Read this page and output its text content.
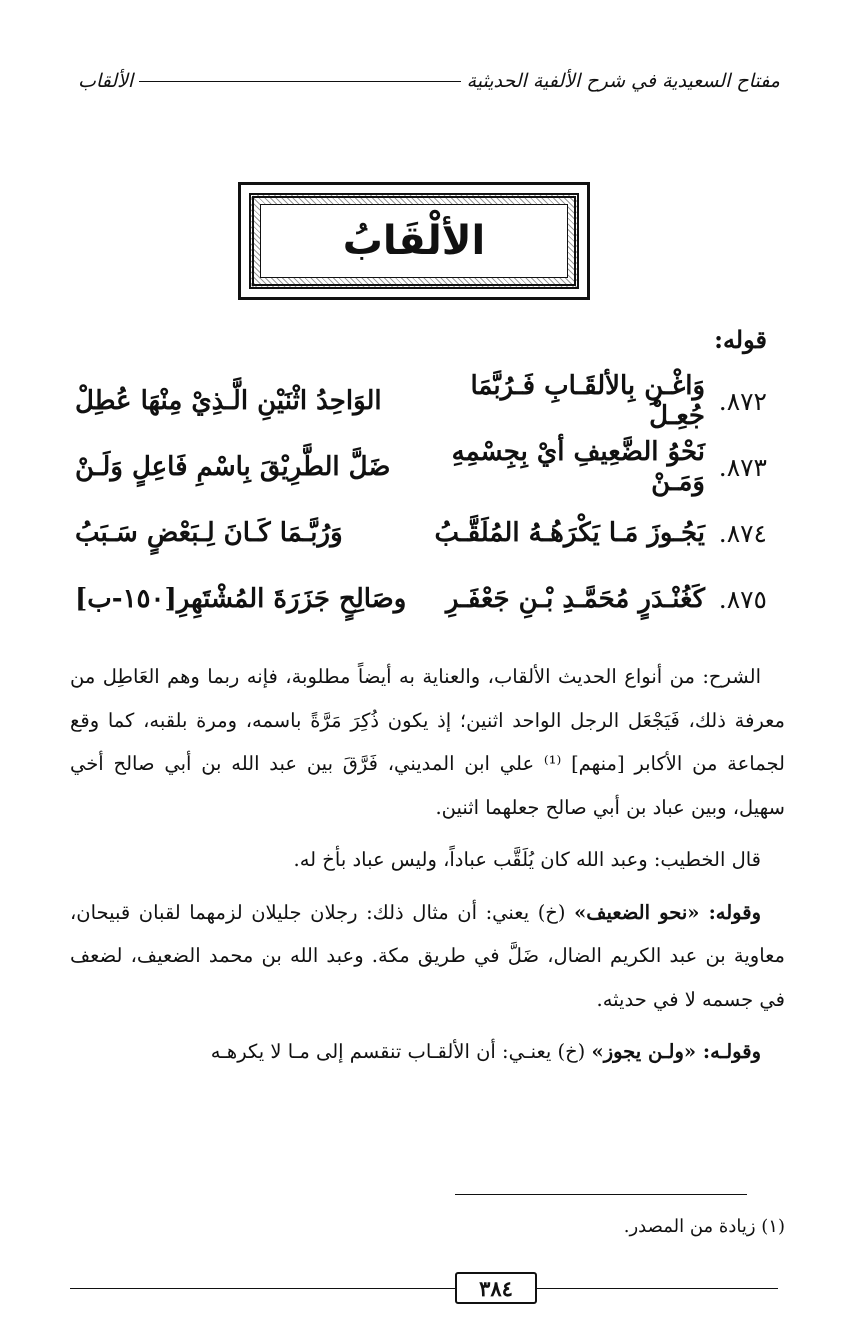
مفتاح السعيدية في شرح الألفية الحديثية
الألقاب
الألْقَابُ
قوله:
٨٧٢.
وَاغْـنِ بِالألقَـابِ فَـرُبَّمَا جُعِـلْ
الوَاحِدُ اثْنَيْنِ الَّـذِيْ مِنْهَا عُطِلْ
٨٧٣.
نَحْوُ الضَّعِيفِ أيْ بِجِسْمِهِ وَمَـنْ
ضَلَّ الطَّرِيْقَ بِاسْمِ فَاعِلٍ وَلَـنْ
٨٧٤.
يَجُـوزَ مَـا يَكْرَهُـهُ المُلَقَّـبُ
وَرُبَّـمَا كَـانَ لِـبَعْضٍ سَـبَبُ
٨٧٥.
كَغُنْـدَرٍ مُحَمَّـدِ بْـنِ جَعْفَـرِ
وصَالِحٍ جَزَرَةَ المُشْتَهِرِ[١٥٠-ب]

الشرح: من أنواع الحديث الألقاب، والعناية به أيضاً مطلوبة، فإنه ربما وهم العَاطِل من معرفة ذلك، فَيَجْعَل الرجل الواحد اثنين؛ إذ يكون ذُكِرَ مَرَّةً باسمه، ومرة بلقبه، كما وقع لجماعة من الأكابر [منهم] ⁽¹⁾ علي ابن المديني، فَرَّقَ بين عبد الله بن أبي صالح أخي سهيل، وبين عباد بن أبي صالح جعلهما اثنين.

قال الخطيب: وعبد الله كان يُلَقَّب عباداً، وليس عباد بأخ له.

وقوله: «نحو الضعيف» (خ) يعني: أن مثال ذلك: رجلان جليلان لزمهما لقبان قبيحان، معاوية بن عبد الكريم الضال، ضَلَّ في طريق مكة. وعبد الله بن محمد الضعيف، لضعف في جسمه لا في حديثه.

وقولـه: «ولـن يجوز» (خ) يعنـي: أن الألقـاب تنقسم إلى مـا لا يكرهـه

(١) زيادة من المصدر.
٣٨٤
